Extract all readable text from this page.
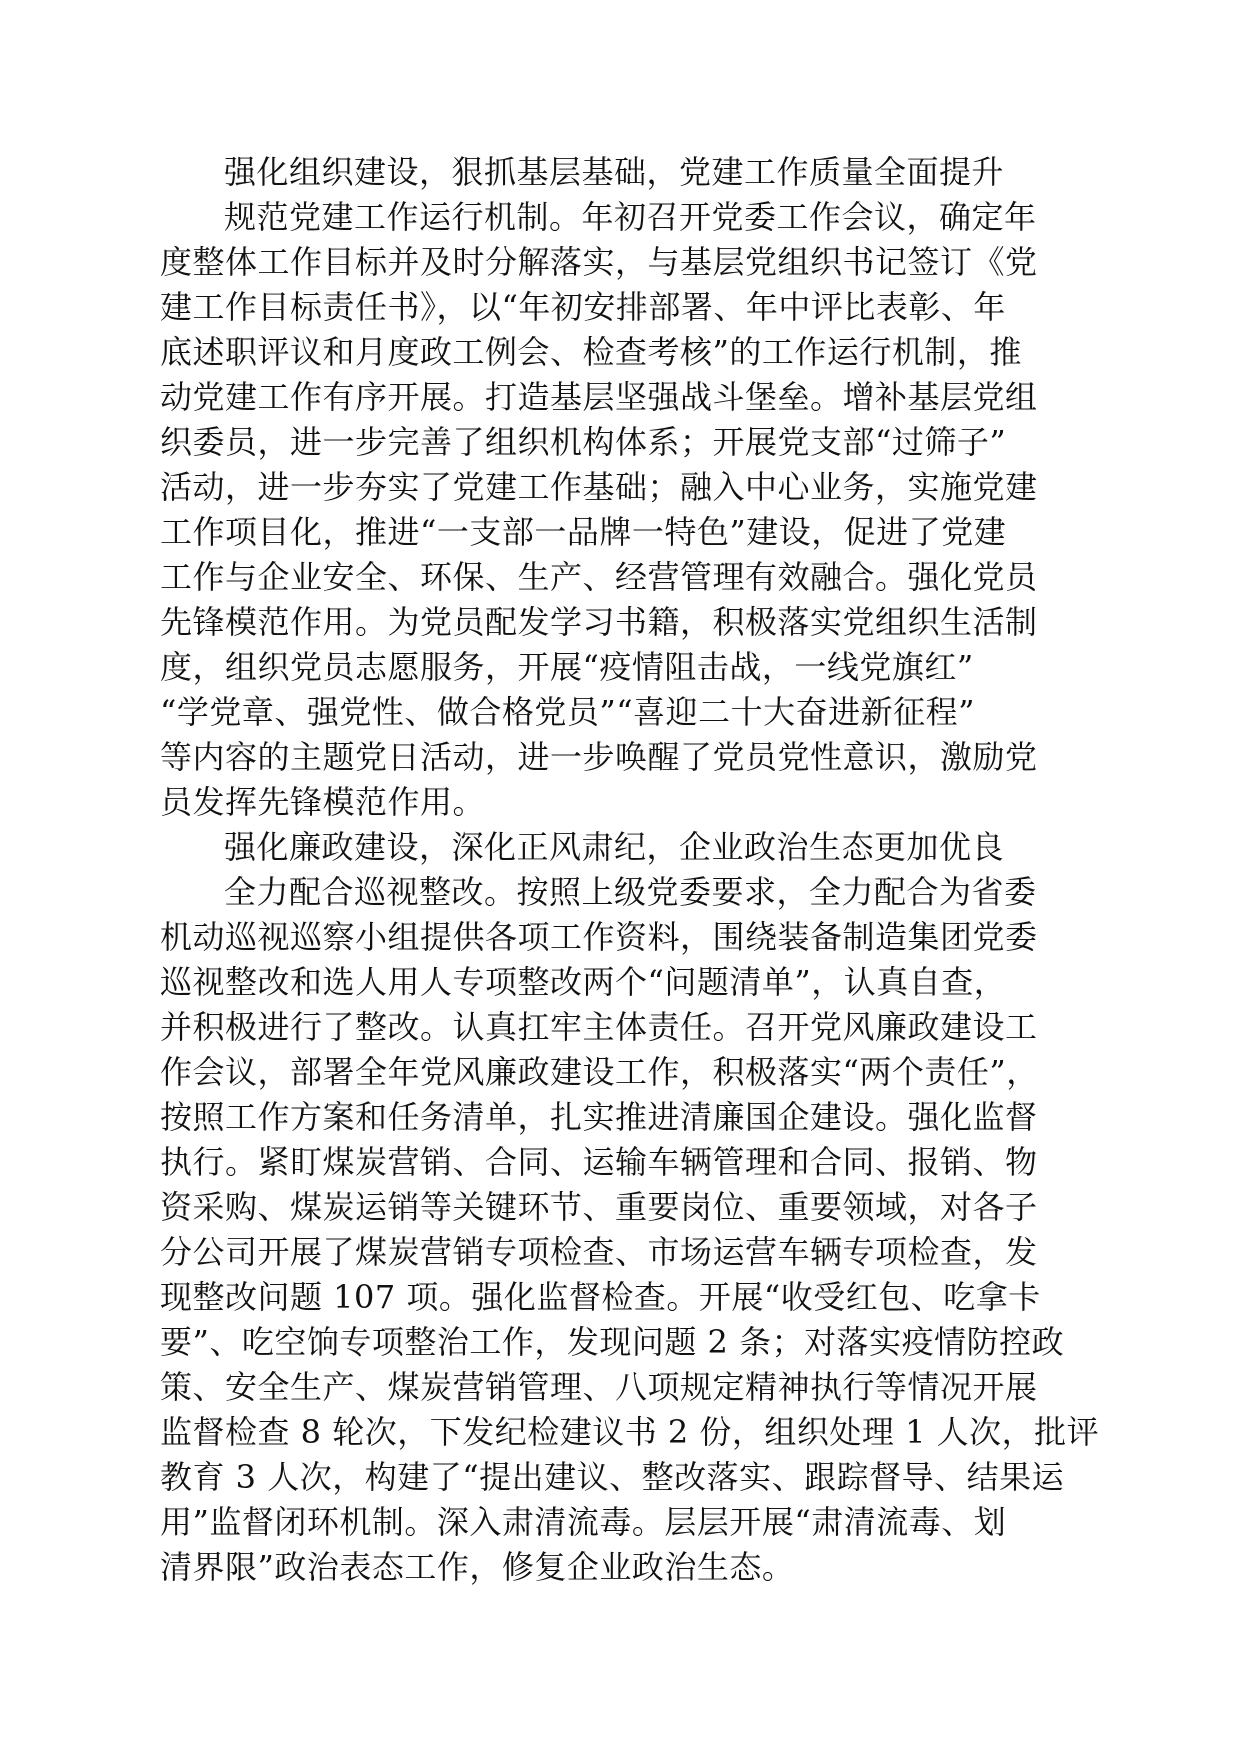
强化组织建设，狠抓基层基础，党建工作质量全面提升
规范党建工作运行机制。年初召开党委工作会议，确定年
度整体工作目标并及时分解落实，与基层党组织书记签订《党
建工作目标责任书》，以“年初安排部署、年中评比表彰、年
底述职评议和月度政工例会、检查考核”的工作运行机制，推
动党建工作有序开展。打造基层坚强战斗堡垒。增补基层党组
织委员，进一步完善了组织机构体系；开展党支部“过筛子”
活动，进一步夯实了党建工作基础；融入中心业务，实施党建
工作项目化，推进“一支部一品牌一特色”建设，促进了党建
工作与企业安全、环保、生产、经营管理有效融合。强化党员
先锋模范作用。为党员配发学习书籍，积极落实党组织生活制
度，组织党员志愿服务，开展“疫情阻击战，一线党旗红”
“学党章、强党性、做合格党员”“喜迎二十大奋进新征程”
等内容的主题党日活动，进一步唤醒了党员党性意识，激励党
员发挥先锋模范作用。
强化廉政建设，深化正风肃纪，企业政治生态更加优良
全力配合巡视整改。按照上级党委要求，全力配合为省委
机动巡视巡察小组提供各项工作资料，围绕装备制造集团党委
巡视整改和选人用人专项整改两个“问题清单”，认真自查，
并积极进行了整改。认真扛牢主体责任。召开党风廉政建设工
作会议，部署全年党风廉政建设工作，积极落实“两个责任”，
按照工作方案和任务清单，扎实推进清廉国企建设。强化监督
执行。紧盯煤炭营销、合同、运输车辆管理和合同、报销、物
资采购、煤炭运销等关键环节、重要岗位、重要领域，对各子
分公司开展了煤炭营销专项检查、市场运营车辆专项检查，发
现整改问题 107 项。强化监督检查。开展“收受红包、吃拿卡
要”、吃空饷专项整治工作，发现问题 2 条；对落实疫情防控政
策、安全生产、煤炭营销管理、八项规定精神执行等情况开展
监督检查 8 轮次，下发纪检建议书 2 份，组织处理 1 人次，批评
教育 3 人次，构建了“提出建议、整改落实、跟踪督导、结果运
用”监督闭环机制。深入肃清流毒。层层开展“肃清流毒、划
清界限”政治表态工作，修复企业政治生态。
